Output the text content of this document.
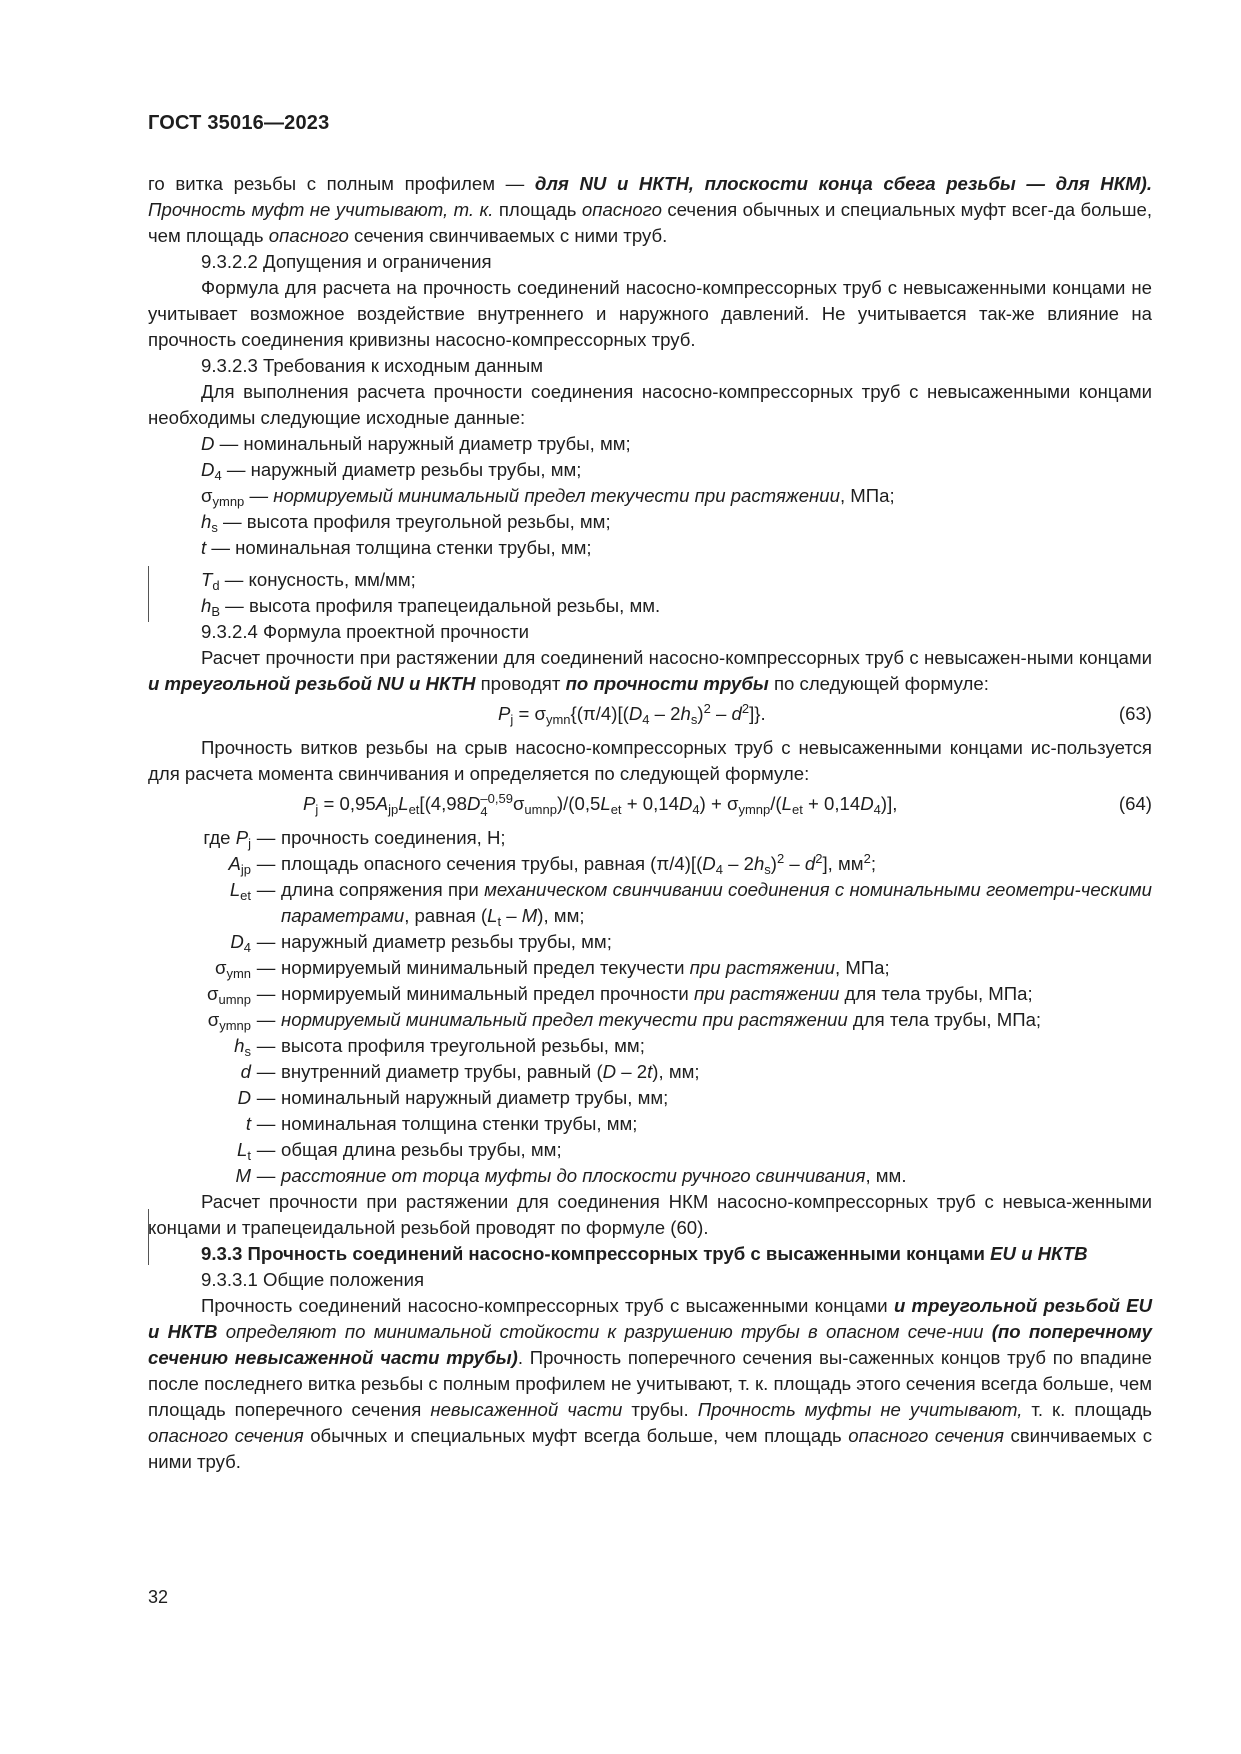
ГОСТ 35016—2023

го витка резьбы с полным профилем — для NU и НКТН, плоскости конца сбега резьбы — для НКМ). Прочность муфт не учитывают, т. к. площадь опасного сечения обычных и специальных муфт всег-да больше, чем площадь опасного сечения свинчиваемых с ними труб.

9.3.2.2 Допущения и ограничения

Формула для расчета на прочность соединений насосно-компрессорных труб с невысаженными концами не учитывает возможное воздействие внутреннего и наружного давлений. Не учитывается так-же влияние на прочность соединения кривизны насосно-компрессорных труб.

9.3.2.3 Требования к исходным данным

Для выполнения расчета прочности соединения насосно-компрессорных труб с невысаженными концами необходимы следующие исходные данные:

D — номинальный наружный диаметр трубы, мм;

$D_4$ — наружный диаметр резьбы трубы, мм;

$\sigma_{ymnp}$ — нормируемый минимальный предел текучести при растяжении, МПа;

$h_s$ — высота профиля треугольной резьбы, мм;

t — номинальная толщина стенки трубы, мм;

$T_d$ — конусность, мм/мм;

$h_B$ — высота профиля трапецеидальной резьбы, мм.

9.3.2.4 Формула проектной прочности

Расчет прочности при растяжении для соединений насосно-компрессорных труб с невысажен-ными концами и треугольной резьбой NU и НКТН проводят по прочности трубы по следующей формуле:

$P_j = \sigma_{ymn}\{(\pi/4)[(D_4 - 2h_s)^2 - d^2]\}$.	(63)

Прочность витков резьбы на срыв насосно-компрессорных труб с невысаженными концами ис-пользуется для расчета момента свинчивания и определяется по следующей формуле:

$P_j = 0,95A_{jp}L_{et}[(4,98D$ –0,59
4	$\sigma_{umnp})/(0,5L_{et} + 0,14D_4) + \sigma_{ymnp}/(L_{et} + 0,14D_4)$],	(64)
где $P_j$ — прочность соединения, Н;
$A_{jp}$ — площадь опасного сечения трубы, равная $(\pi/4)[(D_4 - 2h_s)^2 - d^2]$, $мм^2$;
$L_{et}$ — длина сопряжения при механическом свинчивании соединения с номинальными геометри-ческими параметрами, равная $(L_t - M)$, мм;
$D_4$ — наружный диаметр резьбы трубы, мм;
$\sigma_{ymn}$ — нормируемый минимальный предел текучести при растяжении, МПа;
$\sigma_{umnp}$ — нормируемый минимальный предел прочности при растяжении для тела трубы, МПа;
$\sigma_{ymnp}$ — нормируемый минимальный предел текучести при растяжении для тела трубы, МПа;
$h_s$ — высота профиля треугольной резьбы, мм;
d — внутренний диаметр трубы, равный (D – 2t), мм;
D — номинальный наружный диаметр трубы, мм;
t — номинальная толщина стенки трубы, мм;
$L_t$ — общая длина резьбы трубы, мм;
M — расстояние от торца муфты до плоскости ручного свинчивания, мм.

Расчет прочности при растяжении для соединения НКМ насосно-компрессорных труб с невыса-женными концами и трапецеидальной резьбой проводят по формуле (60).

9.3.3 Прочность соединений насосно-компрессорных труб с высаженными концами EU и НКТВ

9.3.3.1 Общие положения

Прочность соединений насосно-компрессорных труб с высаженными концами и треугольной резьбой EU и НКТВ определяют по минимальной стойкости к разрушению трубы в опасном сече-нии (по поперечному сечению невысаженной части трубы). Прочность поперечного сечения вы-саженных концов труб по впадине после последнего витка резьбы с полным профилем не учитывают, т. к. площадь этого сечения всегда больше, чем площадь поперечного сечения невысаженной части трубы. Прочность муфты не учитывают, т. к. площадь опасного сечения обычных и специальных муфт всегда больше, чем площадь опасного сечения свинчиваемых с ними труб.

32
